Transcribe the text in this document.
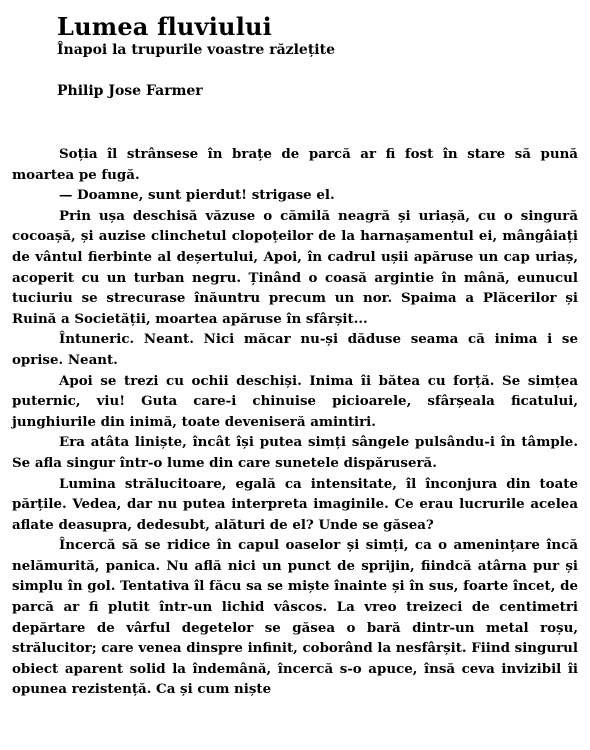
Lumea fluviului
Înapoi la trupurile voastre răzlețite
Philip Jose Farmer

Soția îl strânsese în brațe de parcă ar fi fost în stare să pună moartea pe fugă.

— Doamne, sunt pierdut! strigase el.

Prin ușa deschisă văzuse o cămilă neagră și uriașă, cu o singură cocoașă, și auzise clinchetul clopoțeilor de la harnașamentul ei, mângâiați de vântul fierbinte al deșertului, Apoi, în cadrul ușii apăruse un cap uriaș, acoperit cu un turban negru. Ținând o coasă argintie în mână, eunucul tuciuriu se strecurase înăuntru precum un nor. Spaima a Plăcerilor și Ruină a Societății, moartea apăruse în sfârșit...

Întuneric. Neant. Nici măcar nu-și dăduse seama că inima i se oprise. Neant.

Apoi se trezi cu ochii deschiși. Inima îi bătea cu forță. Se simțea puternic, viu! Guta care-i chinuise picioarele, sfârșeala ficatului, junghiurile din inimă, toate deveniseră amintiri.

Era atâta liniște, încât își putea simți sângele pulsându-i în tâmple. Se afla singur într-o lume din care sunetele dispăruseră.

Lumina strălucitoare, egală ca intensitate, îl înconjura din toate părțile. Vedea, dar nu putea interpreta imaginile. Ce erau lucrurile acelea aflate deasupra, dedesubt, alături de el? Unde se găsea?

Încercă să se ridice în capul oaselor și simți, ca o amenințare încă nelămurită, panica. Nu află nici un punct de sprijin, fiindcă atârna pur și simplu în gol. Tentativa îl făcu sa se miște înainte și în sus, foarte încet, de parcă ar fi plutit într-un lichid vâscos. La vreo treizeci de centimetri depărtare de vârful degetelor se găsea o bară dintr-un metal roșu, strălucitor; care venea dinspre infinit, coborând la nesfârșit. Fiind singurul obiect aparent solid la îndemână, încercă s-o apuce, însă ceva invizibil îi opunea rezistență. Ca și cum niște
